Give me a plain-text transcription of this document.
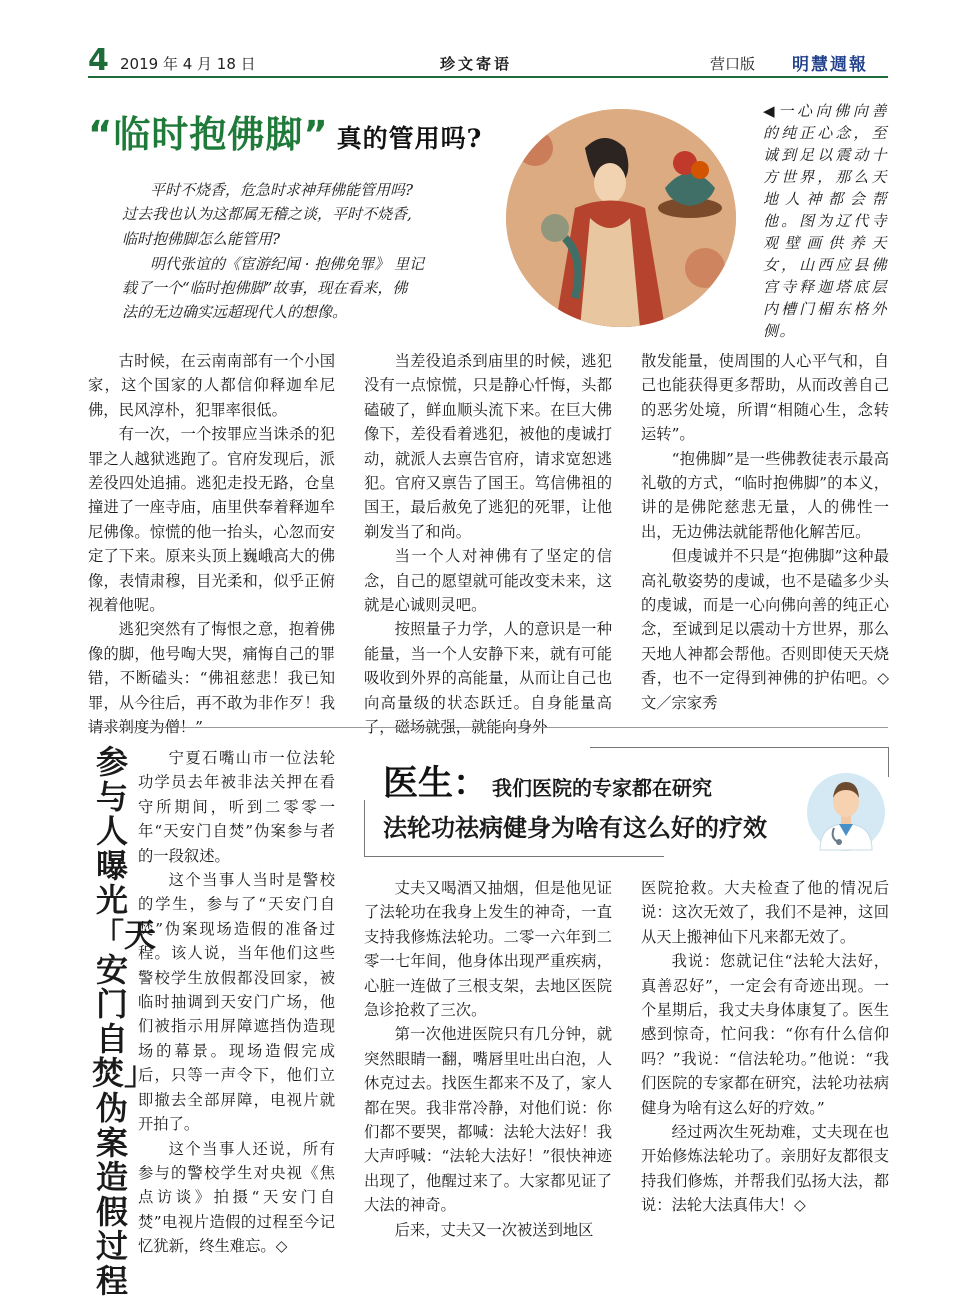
4 2019 年 4 月 18 日	珍文寄语	营口版 明慧週報
“临时抱佛脚” 真的管用吗?
平时不烧香，危急时求神拜佛能管用吗?
过去我也认为这都属无稽之谈，平时不烧香,
临时抱佛脚怎么能管用?
明代张谊的《宦游纪闻 · 抱佛免罪》 里记
载了一个“临时抱佛脚”故事，现在看来，佛
法的无边确实远超现代人的想像。
◀一心向佛向善的纯正心念，至诚到足以震动十方世界，那么天地人神都会帮他。图为辽代寺观壁画供养天女，山西应县佛宫寺释迦塔底层内槽门楣东格外侧。

古时候，在云南南部有一个小国家，这个国家的人都信仰释迦牟尼佛，民风淳朴，犯罪率很低。

有一次，一个按罪应当诛杀的犯罪之人越狱逃跑了。官府发现后，派差役四处追捕。逃犯走投无路，仓皇撞进了一座寺庙，庙里供奉着释迦牟尼佛像。惊慌的他一抬头，心忽而安定了下来。原来头顶上巍峨高大的佛像，表情肃穆，目光柔和，似乎正俯视着他呢。

逃犯突然有了悔恨之意，抱着佛像的脚，他号啕大哭，痛悔自己的罪错，不断磕头：“佛祖慈悲！我已知罪，从今往后，再不敢为非作歹！我请求剃度为僧！”

当差役追杀到庙里的时候，逃犯没有一点惊慌，只是静心忏悔，头都磕破了，鲜血顺头流下来。在巨大佛像下，差役看着逃犯，被他的虔诚打动，就派人去禀告官府，请求宽恕逃犯。官府又禀告了国王。笃信佛祖的国王，最后赦免了逃犯的死罪，让他剃发当了和尚。

当一个人对神佛有了坚定的信念，自己的愿望就可能改变未来，这就是心诚则灵吧。

按照量子力学，人的意识是一种能量，当一个人安静下来，就有可能吸收到外界的高能量，从而让自己也向高量级的状态跃迁。自身能量高了，磁场就强，就能向身外

散发能量，使周围的人心平气和，自己也能获得更多帮助，从而改善自己的恶劣处境，所谓“相随心生，念转运转”。

“抱佛脚”是一些佛教徒表示最高礼敬的方式，“临时抱佛脚”的本义，讲的是佛陀慈悲无量，人的佛性一出，无边佛法就能帮他化解苦厄。

但虔诚并不只是“抱佛脚”这种最高礼敬姿势的虔诚，也不是磕多少头的虔诚，而是一心向佛向善的纯正心念，至诚到足以震动十方世界，那么天地人神都会帮他。否则即使天天烧香，也不一定得到神佛的护佑吧。◇ 文／宗家秀

参与人曝光「天安门自焚」伪案造假过程

宁夏石嘴山市一位法轮功学员去年被非法关押在看守所期间，听到二零零一年“天安门自焚”伪案参与者的一段叙述。

这个当事人当时是警校的学生，参与了“天安门自焚”伪案现场造假的准备过程。该人说，当年他们这些警校学生放假都没回家，被临时抽调到天安门广场，他们被指示用屏障遮挡伪造现场的幕景。现场造假完成后，只等一声令下，他们立即撤去全部屏障，电视片就开拍了。

这个当事人还说，所有参与的警校学生对央视《焦点访谈》拍摄“天安门自焚”电视片造假的过程至今记忆犹新，终生难忘。◇

医生： 我们医院的专家都在研究
法轮功祛病健身为啥有这么好的疗效

丈夫又喝酒又抽烟，但是他见证了法轮功在我身上发生的神奇，一直支持我修炼法轮功。二零一六年到二零一七年间，他身体出现严重疾病，心脏一连做了三根支架，去地区医院急诊抢救了三次。

第一次他进医院只有几分钟，就突然眼睛一翻，嘴唇里吐出白泡，人休克过去。找医生都来不及了，家人都在哭。我非常冷静，对他们说：你们都不要哭，都喊：法轮大法好！我大声呼喊：“法轮大法好！”很快神迹出现了，他醒过来了。大家都见证了大法的神奇。

后来，丈夫又一次被送到地区

医院抢救。大夫检查了他的情况后说：这次无效了，我们不是神，这回从天上搬神仙下凡来都无效了。

我说：您就记住“法轮大法好，真善忍好”，一定会有奇迹出现。一个星期后，我丈夫身体康复了。医生感到惊奇，忙问我：“你有什么信仰吗？”我说：“信法轮功。”他说：“我们医院的专家都在研究，法轮功祛病健身为啥有这么好的疗效。”

经过两次生死劫难，丈夫现在也开始修炼法轮功了。亲朋好友都很支持我们修炼，并帮我们弘扬大法，都说：法轮大法真伟大！◇
